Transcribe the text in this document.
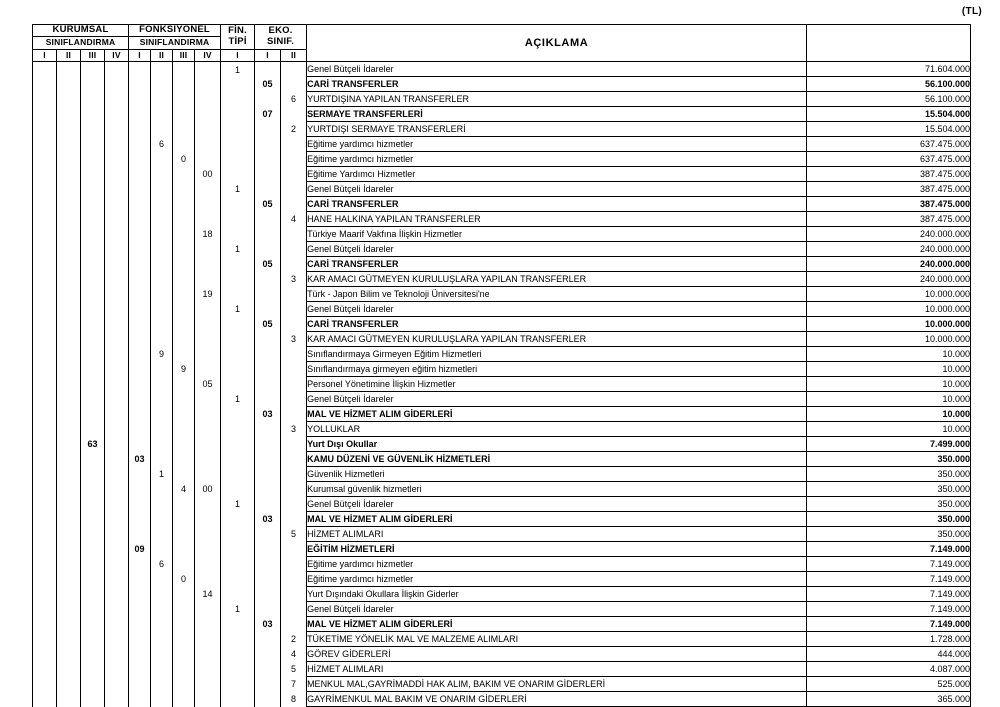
(TL)
KURUMSAL	FONKSİYONEL	FİN.
TİPİ

EKO.
SINIF.	AÇIKLAMA	
SINIFLANDIRMA				SINIFLANDIRMA								
I	II	III	IV	I	II	III	IV	I	I	II		
								1			Genel Bütçeli İdareler	71.604.000
									05		CARİ TRANSFERLER	56.100.000
										6	YURTDIŞINA YAPILAN TRANSFERLER	56.100.000
									07		SERMAYE TRANSFERLERİ	15.504.000
										2	YURTDIŞI SERMAYE TRANSFERLERİ	15.504.000
					6						Eğitime yardımcı hizmetler	637.475.000
						0					Eğitime yardımcı hizmetler	637.475.000
							00				Eğitime Yardımcı Hizmetler	387.475.000
								1			Genel Bütçeli İdareler	387.475.000
									05		CARİ TRANSFERLER	387.475.000
										4	HANE HALKINA YAPILAN TRANSFERLER	387.475.000
							18				Türkiye Maarif Vakfına İlişkin Hizmetler	240.000.000
								1			Genel Bütçeli İdareler	240.000.000
									05		CARİ TRANSFERLER	240.000.000
										3	KAR AMACI GÜTMEYEN KURULUŞLARA YAPILAN TRANSFERLER	240.000.000
							19				Türk - Japon Bilim ve Teknoloji Üniversitesi'ne	10.000.000
								1			Genel Bütçeli İdareler	10.000.000
									05		CARİ TRANSFERLER	10.000.000
										3	KAR AMACI GÜTMEYEN KURULUŞLARA YAPILAN TRANSFERLER	10.000.000
					9						Sınıflandırmaya Girmeyen Eğitim Hizmetleri	10.000
						9					Sınıflandırmaya girmeyen eğitim hizmetleri	10.000
							05				Personel Yönetimine İlişkin Hizmetler	10.000
								1			Genel Bütçeli İdareler	10.000
									03		MAL VE HİZMET ALIM GİDERLERİ	10.000
										3	YOLLUKLAR	10.000
		63									Yurt Dışı Okullar	7.499.000
				03							KAMU DÜZENİ VE GÜVENLİK HİZMETLERİ	350.000
					1						Güvenlik Hizmetleri	350.000
						4	00				Kurumsal güvenlik hizmetleri	350.000
								1			Genel Bütçeli İdareler	350.000
									03		MAL VE HİZMET ALIM GİDERLERİ	350.000
										5	HİZMET ALIMLARI	350.000
				09							EĞİTİM HİZMETLERİ	7.149.000
					6						Eğitime yardımcı hizmetler	7.149.000
						0					Eğitime yardımcı hizmetler	7.149.000
							14				Yurt Dışındaki Okullara İlişkin Giderler	7.149.000
								1			Genel Bütçeli İdareler	7.149.000
									03		MAL VE HİZMET ALIM GİDERLERİ	7.149.000
										2	TÜKETİME YÖNELİK MAL VE MALZEME ALIMLARI	1.728.000
										4	GÖREV GİDERLERİ	444.000
										5	HİZMET ALIMLARI	4.087.000
										7	MENKUL MAL,GAYRİMADDİ HAK ALIM, BAKIM VE ONARIM GİDERLERİ	525.000
										8	GAYRİMENKUL MAL BAKIM VE ONARIM GİDERLERİ	365.000
